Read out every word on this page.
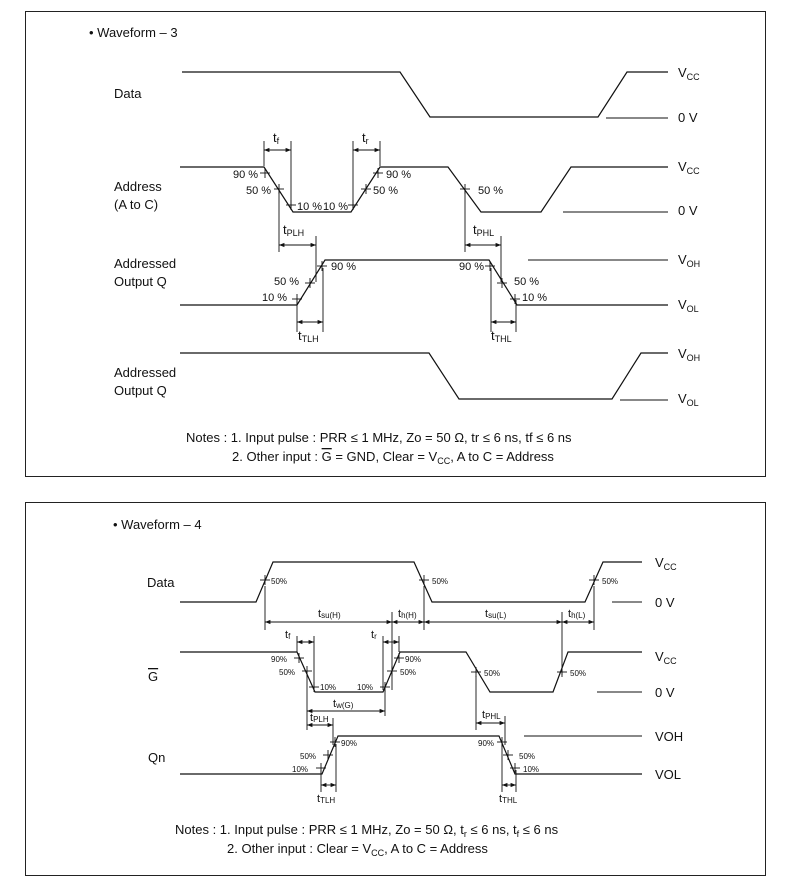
• Waveform – 3
Data
$V_{CC}$
0 V
Address
(A to C)
90 %
50 %
10 % 10 %
50 %
90 %
50 %
$V_{CC}$
0 V
tf	tr
tPLH	tPHL
Addressed
Output Q
10 %
50 %
90 %	90 %
50 %
10 %
$V_{OH}$
$V_{OL}$
tTLH	tTHL
Addressed
Output Q
$V_{OH}$
$V_{OL}$
Notes : 1. Input pulse : PRR ≤ 1 MHz, Zo = 50 Ω, tr ≤ 6 ns, tf ≤ 6 ns
2. Other input : G = GND, Clear = $V_{CC}$, A to C = Address
• Waveform – 4
Data	50%	50%	50%
$V_{CC}$
0 V
tsu(H)	th(H)	tsu(L)	th(L)
G
90%
50%
10%	10%
50%
90%
50%	50%
$V_{CC}$
0 V
tf	tr
tw(G)
tPLH	tPHL
Qn
10%
50%
90%	90%
50%
10%
VOH
VOL
tTLH	tTHL
Notes : 1. Input pulse : PRR ≤ 1 MHz, Zo = 50 Ω, $t_r \le 6$ ns, $t_f \le 6$ ns
2. Other input : Clear = $V_{CC}$, A to C = Address
